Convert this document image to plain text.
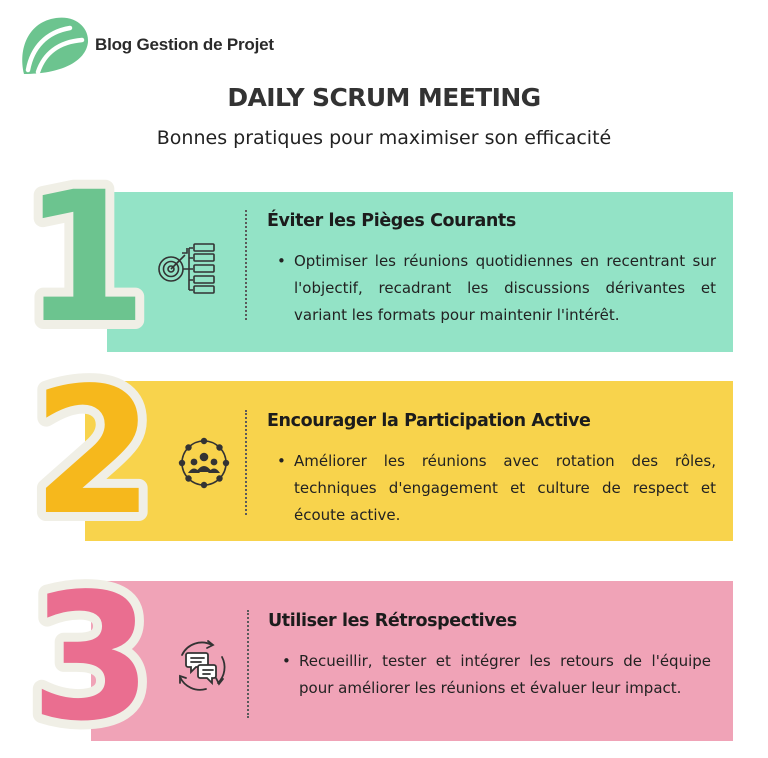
Blog Gestion de Projet
DAILY SCRUM MEETING
Bonnes pratiques pour maximiser son efficacité
1	Éviter les Pièges Courants
• Optimiser les réunions quotidiennes en recentrant sur l'objectif, recadrant les discussions dérivantes et variant les formats pour maintenir l'intérêt.
2	Encourager la Participation Active
• Améliorer les réunions avec rotation des rôles, techniques d'engagement et culture de respect et écoute active.
3	Utiliser les Rétrospectives
• Recueillir, tester et intégrer les retours de l'équipe pour améliorer les réunions et évaluer leur impact.
